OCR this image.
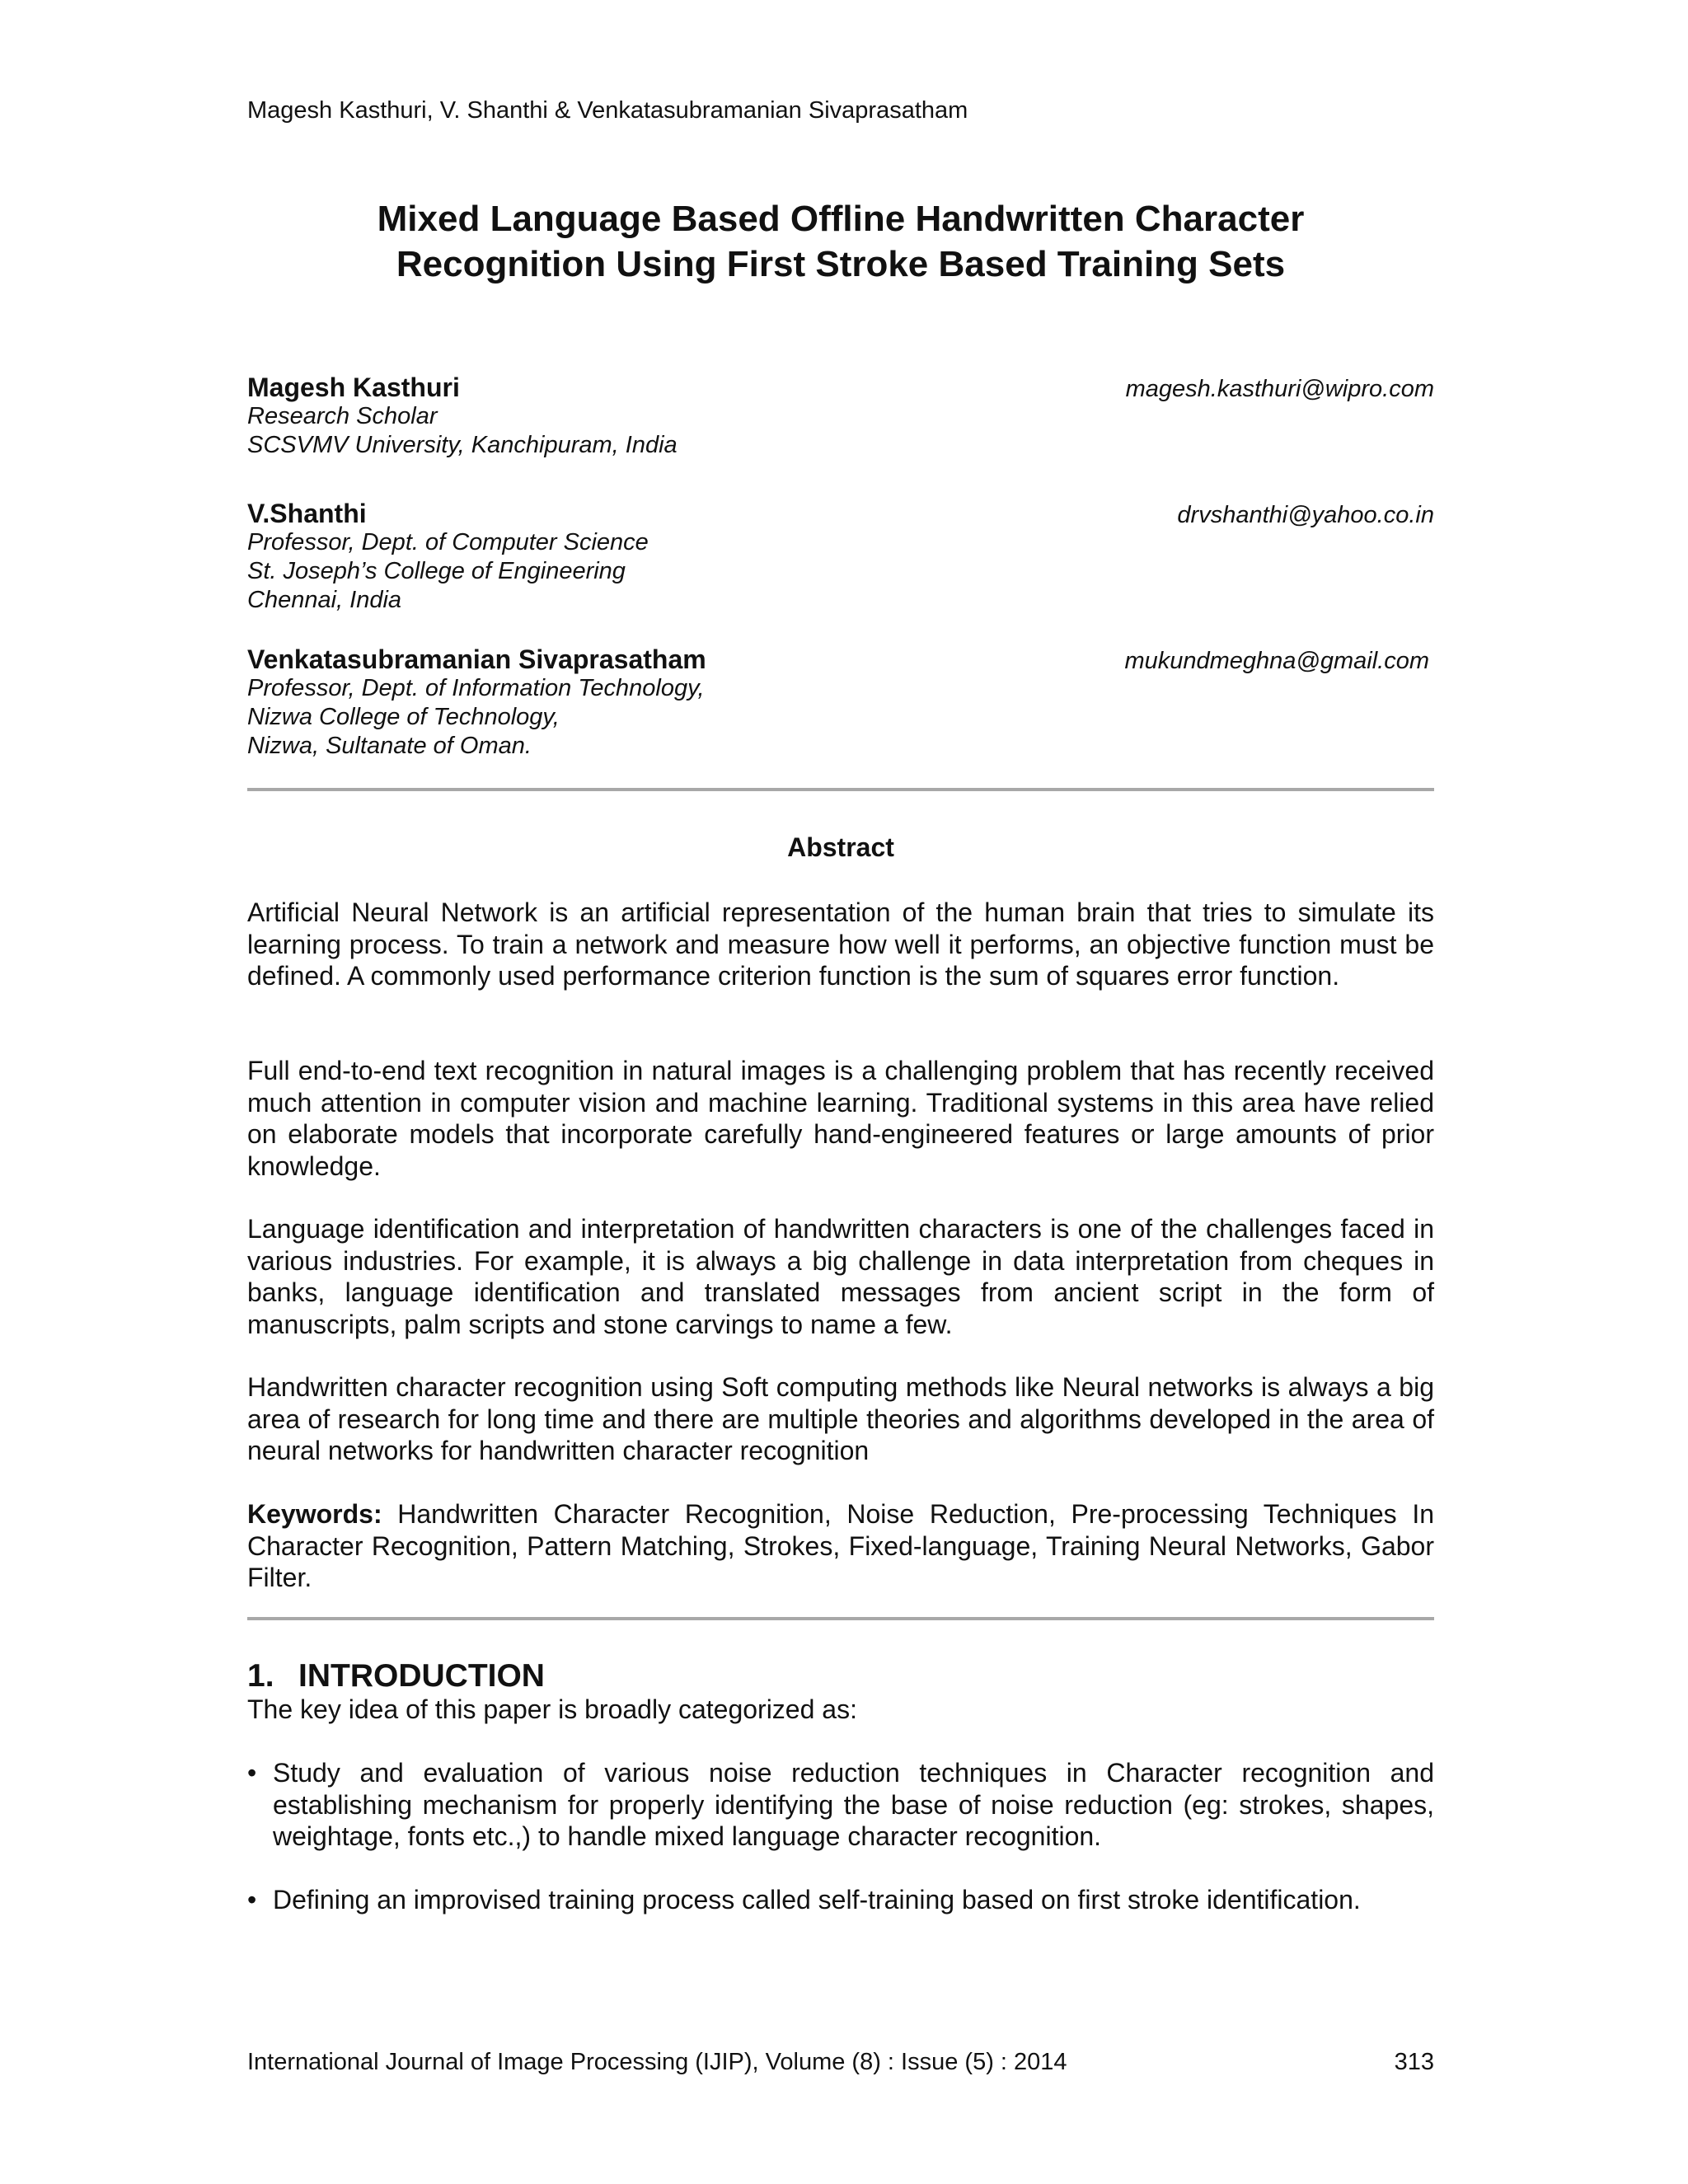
Magesh Kasthuri, V. Shanthi & Venkatasubramanian Sivaprasatham
Mixed Language Based Offline Handwritten Character
Recognition Using First Stroke Based Training Sets
Magesh Kasthuri	magesh.kasthuri@wipro.com
Research Scholar
SCSVMV University, Kanchipuram, India
V.Shanthi	drvshanthi@yahoo.co.in
Professor, Dept. of Computer Science
St. Joseph’s College of Engineering
Chennai, India
Venkatasubramanian Sivaprasatham	mukundmeghna@gmail.com
Professor, Dept. of Information Technology,
Nizwa College of Technology,
Nizwa, Sultanate of Oman.
Abstract
Artificial Neural Network is an artificial representation of the human brain that tries to simulate its learning process. To train a network and measure how well it performs, an objective function must be defined. A commonly used performance criterion function is the sum of squares error function.
Full end-to-end text recognition in natural images is a challenging problem that has recently received much attention in computer vision and machine learning. Traditional systems in this area have relied on elaborate models that incorporate carefully hand-engineered features or large amounts of prior knowledge.
Language identification and interpretation of handwritten characters is one of the challenges faced in various industries. For example, it is always a big challenge in data interpretation from cheques in banks, language identification and translated messages from ancient script in the form of manuscripts, palm scripts and stone carvings to name a few.
Handwritten character recognition using Soft computing methods like Neural networks is always a big area of research for long time and there are multiple theories and algorithms developed in the area of neural networks for handwritten character recognition
Keywords: Handwritten Character Recognition, Noise Reduction, Pre-processing Techniques In Character Recognition, Pattern Matching, Strokes, Fixed-language, Training Neural Networks, Gabor Filter.
1. INTRODUCTION
The key idea of this paper is broadly categorized as:
• Study and evaluation of various noise reduction techniques in Character recognition and establishing mechanism for properly identifying the base of noise reduction (eg: strokes, shapes, weightage, fonts etc.,) to handle mixed language character recognition.
• Defining an improvised training process called self-training based on first stroke identification.
International Journal of Image Processing (IJIP), Volume (8) : Issue (5) : 2014	313
